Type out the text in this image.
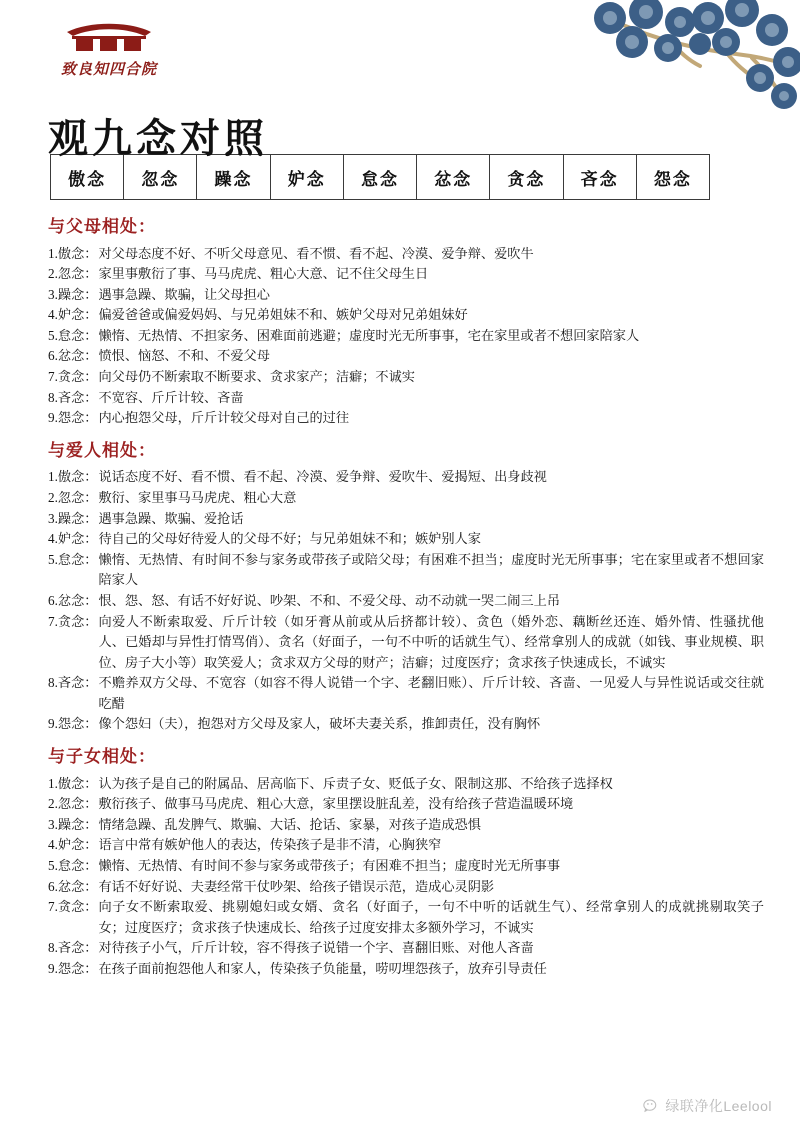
致良知四合院
观九念对照
傲念	忽念	躁念	妒念	怠念	忿念	贪念	吝念	怨念
与父母相处：
1.傲念： 对父母态度不好、不听父母意见、看不惯、看不起、冷漠、爱争辩、爱吹牛
2.忽念： 家里事敷衍了事、马马虎虎、粗心大意、记不住父母生日
3.躁念： 遇事急躁、欺骗，让父母担心
4.妒念： 偏爱爸爸或偏爱妈妈、与兄弟姐妹不和、嫉妒父母对兄弟姐妹好
5.怠念： 懒惰、无热情、不担家务、困难面前逃避；虚度时光无所事事，宅在家里或者不想回家陪家人
6.忿念： 愤恨、恼怒、不和、不爱父母
7.贪念： 向父母仍不断索取不断要求、贪求家产；洁癖；不诚实
8.吝念： 不宽容、斤斤计较、吝啬
9.怨念： 内心抱怨父母，斤斤计较父母对自己的过往
与爱人相处：
1.傲念： 说话态度不好、看不惯、看不起、冷漠、爱争辩、爱吹牛、爱揭短、出身歧视
2.忽念： 敷衍、家里事马马虎虎、粗心大意
3.躁念： 遇事急躁、欺骗、爱抢话
4.妒念： 待自己的父母好待爱人的父母不好；与兄弟姐妹不和；嫉妒别人家
5.怠念： 懒惰、无热情、有时间不参与家务或带孩子或陪父母；有困难不担当；虚度时光无所事事；宅在家里或者不想回家陪家人
6.忿念： 恨、怨、怒、有话不好好说、吵架、不和、不爱父母、动不动就一哭二闹三上吊
7.贪念： 向爱人不断索取爱、斤斤计较（如牙膏从前或从后挤都计较）、贪色（婚外恋、藕断丝还连、婚外情、性骚扰他人、已婚却与异性打情骂俏）、贪名（好面子，一句不中听的话就生气）、经常拿别人的成就（如钱、事业规模、职位、房子大小等）取笑爱人；贪求双方父母的财产；洁癖；过度医疗；贪求孩子快速成长，不诚实
8.吝念： 不赡养双方父母、不宽容（如容不得人说错一个字、老翻旧账）、斤斤计较、吝啬、一见爱人与异性说话或交往就吃醋
9.怨念： 像个怨妇（夫），抱怨对方父母及家人，破坏夫妻关系，推卸责任，没有胸怀
与子女相处：
1.傲念： 认为孩子是自己的附属品、居高临下、斥责子女、贬低子女、限制这那、不给孩子选择权
2.忽念： 敷衍孩子、做事马马虎虎、粗心大意，家里摆设脏乱差，没有给孩子营造温暖环境
3.躁念： 情绪急躁、乱发脾气、欺骗、大话、抢话、家暴，对孩子造成恐惧
4.妒念： 语言中常有嫉妒他人的表达，传染孩子是非不清，心胸狭窄
5.怠念： 懒惰、无热情、有时间不参与家务或带孩子；有困难不担当；虚度时光无所事事
6.忿念： 有话不好好说、夫妻经常干仗吵架、给孩子错误示范，造成心灵阴影
7.贪念： 向子女不断索取爱、挑剔媳妇或女婿、贪名（好面子，一句不中听的话就生气）、经常拿别人的成就挑剔取笑子女；过度医疗；贪求孩子快速成长、给孩子过度安排太多额外学习，不诚实
8.吝念： 对待孩子小气，斤斤计较，容不得孩子说错一个字、喜翻旧账、对他人吝啬
9.怨念： 在孩子面前抱怨他人和家人，传染孩子负能量，唠叨埋怨孩子，放弃引导责任
绿联净化Leelool
